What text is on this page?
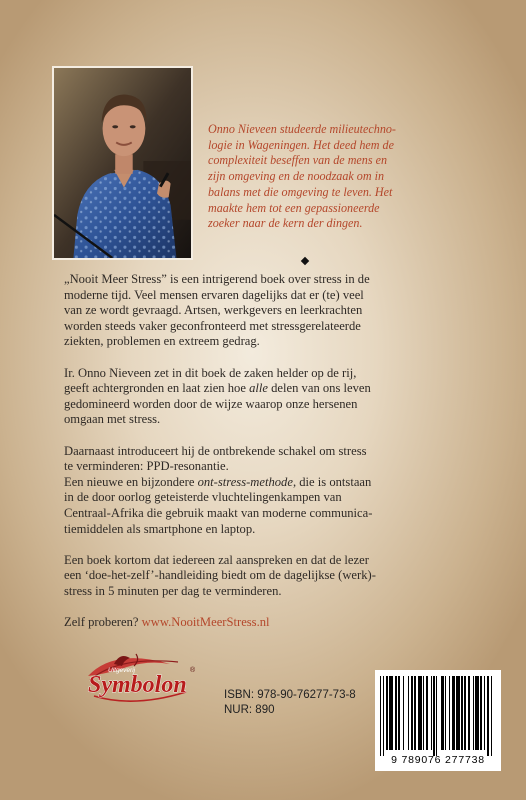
Onno Nieveen studeerde milieutechno-

logie in Wageningen. Het deed hem de

complexiteit beseffen van de mens en

zijn omgeving en de noodzaak om in

balans met die omgeving te leven. Het

maakte hem tot een gepassioneerde

zoeker naar de kern der dingen.

„Nooit Meer Stress” is een intrigerend boek over stress in de
moderne tijd. Veel mensen ervaren dagelijks dat er (te) veel
van ze wordt gevraagd. Artsen, werkgevers en leerkrachten
worden steeds vaker geconfronteerd met stressgerelateerde
ziekten, problemen en extreem gedrag.

Ir. Onno Nieveen zet in dit boek de zaken helder op de rij,
geeft achtergronden en laat zien hoe alle delen van ons leven
gedomineerd worden door de wijze waarop onze hersenen
omgaan met stress.

Daarnaast introduceert hij de ontbrekende schakel om stress
te verminderen: PPD-resonantie.

Een nieuwe en bijzondere ont-stress-methode, die is ontstaan
in de door oorlog geteisterde vluchtelingenkampen van
Centraal-Afrika die gebruik maakt van moderne communica-
tiemiddelen als smartphone en laptop.

Een boek kortom dat iedereen zal aanspreken en dat de lezer
een ‘doe-het-zelf’-handleiding biedt om de dagelijkse (werk)-
stress in 5 minuten per dag te verminderen.

Zelf proberen? www.NooitMeerStress.nl

Uitgeverij
Symbolon
®
ISBN: 978-90-76277-73-8
NUR: 890
9 789076 277738
